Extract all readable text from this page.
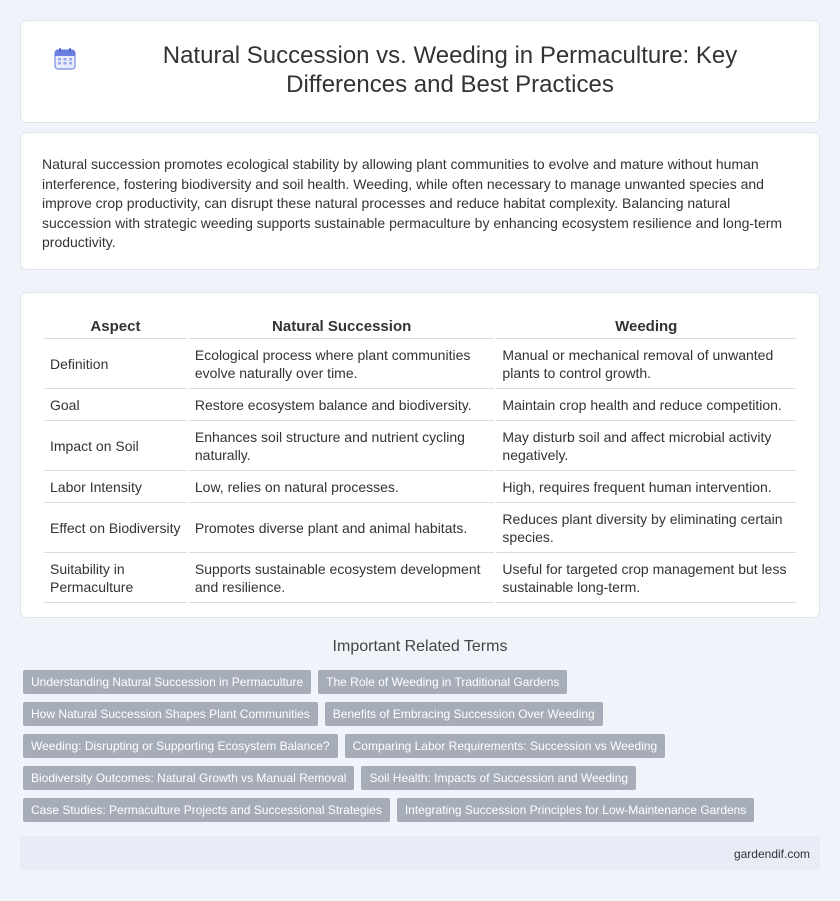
Natural Succession vs. Weeding in Permaculture: Key Differences and Best Practices

Natural succession promotes ecological stability by allowing plant communities to evolve and mature without human interference, fostering biodiversity and soil health. Weeding, while often necessary to manage unwanted species and improve crop productivity, can disrupt these natural processes and reduce habitat complexity. Balancing natural succession with strategic weeding supports sustainable permaculture by enhancing ecosystem resilience and long-term productivity.

Aspect	Natural Succession	Weeding
Definition	Ecological process where plant communities evolve naturally over time.	Manual or mechanical removal of unwanted plants to control growth.
Goal	Restore ecosystem balance and biodiversity.	Maintain crop health and reduce competition.
Impact on Soil	Enhances soil structure and nutrient cycling naturally.	May disturb soil and affect microbial activity negatively.
Labor Intensity	Low, relies on natural processes.	High, requires frequent human intervention.
Effect on Biodiversity	Promotes diverse plant and animal habitats.	Reduces plant diversity by eliminating certain species.
Suitability in Permaculture	Supports sustainable ecosystem development and resilience.	Useful for targeted crop management but less sustainable long-term.
Important Related Terms
Understanding Natural Succession in Permaculture	The Role of Weeding in Traditional Gardens
How Natural Succession Shapes Plant Communities	Benefits of Embracing Succession Over Weeding
Weeding: Disrupting or Supporting Ecosystem Balance?	Comparing Labor Requirements: Succession vs Weeding
Biodiversity Outcomes: Natural Growth vs Manual Removal	Soil Health: Impacts of Succession and Weeding
Case Studies: Permaculture Projects and Successional Strategies	Integrating Succession Principles for Low-Maintenance Gardens
gardendif.com
